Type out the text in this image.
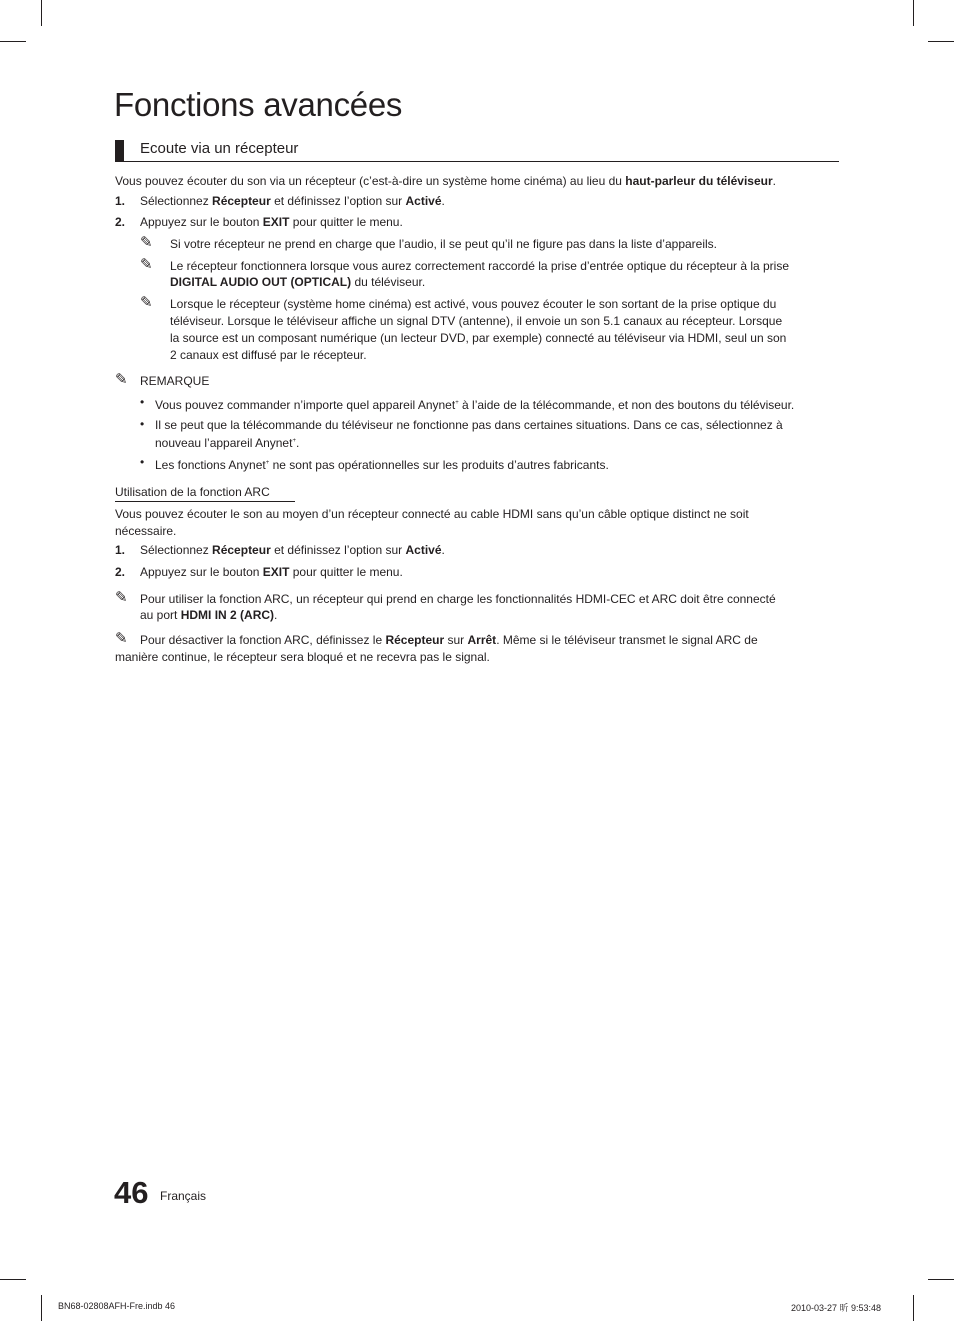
Fonctions avancées
Ecoute via un récepteur
Vous pouvez écouter du son via un récepteur (c’est-à-dire un système home cinéma) au lieu du haut-parleur du téléviseur.
1. Sélectionnez Récepteur et définissez l’option sur Activé.
2. Appuyez sur le bouton EXIT pour quitter le menu.
✎ Si votre récepteur ne prend en charge que l’audio, il se peut qu’il ne figure pas dans la liste d’appareils.
✎ Le récepteur fonctionnera lorsque vous aurez correctement raccordé la prise d’entrée optique du récepteur à la prise
DIGITAL AUDIO OUT (OPTICAL) du téléviseur.
✎ Lorsque le récepteur (système home cinéma) est activé, vous pouvez écouter le son sortant de la prise optique du
téléviseur. Lorsque le téléviseur affiche un signal DTV (antenne), il envoie un son 5.1 canaux au récepteur. Lorsque
la source est un composant numérique (un lecteur DVD, par exemple) connecté au téléviseur via HDMI, seul un son
2 canaux est diffusé par le récepteur.
✎ REMARQUE
• Vous pouvez commander n’importe quel appareil Anynet+ à l’aide de la télécommande, et non des boutons du téléviseur.
• Il se peut que la télécommande du téléviseur ne fonctionne pas dans certaines situations. Dans ce cas, sélectionnez à
nouveau l’appareil Anynet+.
• Les fonctions Anynet+ ne sont pas opérationnelles sur les produits d’autres fabricants.
Utilisation de la fonction ARC
Vous pouvez écouter le son au moyen d’un récepteur connecté au cable HDMI sans qu’un câble optique distinct ne soit
nécessaire.
1. Sélectionnez Récepteur et définissez l’option sur Activé.
2. Appuyez sur le bouton EXIT pour quitter le menu.
✎ Pour utiliser la fonction ARC, un récepteur qui prend en charge les fonctionnalités HDMI-CEC et ARC doit être connecté
au port HDMI IN 2 (ARC).
✎ Pour désactiver la fonction ARC, définissez le Récepteur sur Arrêt. Même si le téléviseur transmet le signal ARC de
manière continue, le récepteur sera bloqué et ne recevra pas le signal.
46 Français
BN68-02808AFH-Fre.indb 46	2010-03-27 昕 9:53:48
